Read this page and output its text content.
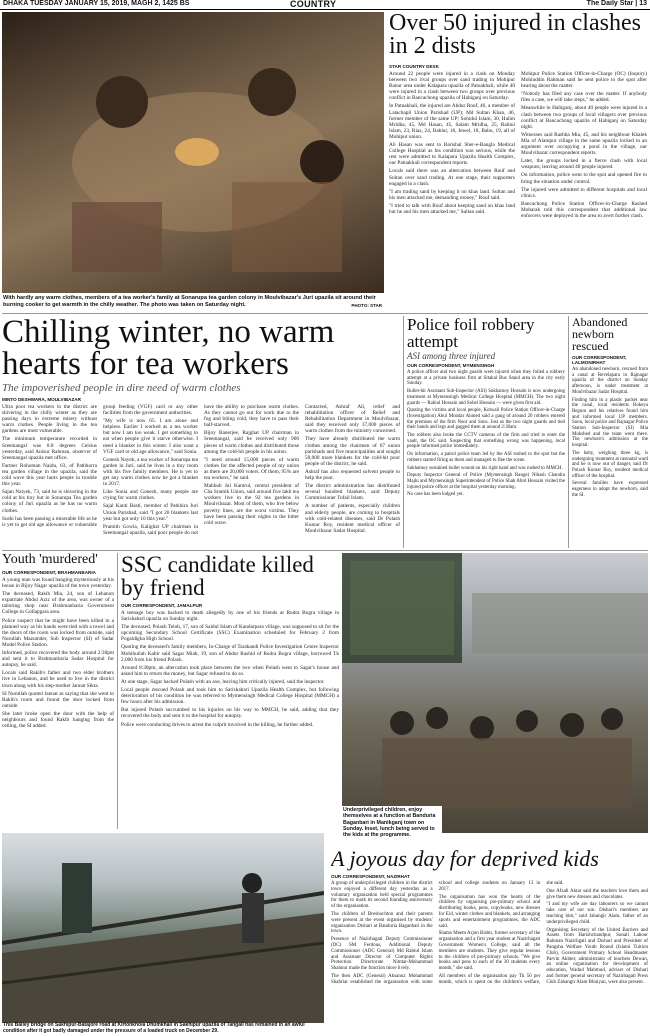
DHAKA TUESDAY JANUARY 15, 2019, MAGH 2, 1425 BS	COUNTRY	The Daily Star | 13
With hardly any warm clothes, members of a tea worker's family at Sonarupa tea garden colony in Moulvibazar's Juri upazila sit around their burning cooker to get warmth in the chilly weather. The photo was taken on Saturday night.	PHOTO: STAR
Over 50 injured in clashes in 2 dists
STAR COUNTRY DESK

Around 22 people were injured in a clash on Monday between two rival groups over sand trading in Mohipur Banur area under Kalapara upazila of Patuakhali, while 40 were injured in a clash between two groups over previous conflict in Bancachong upazila of Habiganj on Saturday.

In Patuakhali, the injured are Abdur Rouf, 46, a member of Latachapli Union Parishad (UP); Md Sultan Khan, 46, former member of the same UP; Sohidul Islam, 30, Halim Mridha, 45, Md Hasan, 45, Salam Mridha, 25, Rabiul Islam, 23, Riaz, 24, Bablur, 18, Jewel, 18, Babu, 19, all of Mohipur union.

Ali Hasan was sent to Barishal Sher-e-Bangla Medical College Hospital as his condition was serious, while the rest were admitted to Kalapara Upazila Health Complex, our Patuakhali correspondent reports.

Locals said there was an altercation between Rouf and Sultan over sand trading. At one stage, their supporters engaged in a clash.

"I am trading sand by keeping it on khas land. Sultan and his men attacked me, demanding money," Rouf said.

"I tried to talk with Rouf about keeping sand on khas land but he and his men attacked me," Sultan said.

Mohipur Police Station Officer-in-Charge (OC) (Inquiry) Mohiuddin Rahman said he sent police to the spot after hearing about the matter.

"Nobody has filed any case over the matter. If anybody files a case, we will take steps," he added.

Meanwhile in Habiganj, about 40 people were injured in a clash between two groups of local villagers over previous conflict at Bancachong upazila of Habiganj on Saturday night.

Witnesses said Rashba Mia, 45, and his neighbour Khalek Mia of Alampur village in the same upazila locked in an argument over occupying a pond in the village, our Moulvibazar correspondent reports.

Later, the groups locked in a fierce clash with local weapons, leaving around 40 people injured.

On information, police went to the spot and opened fire to bring the situation under control.

The injured were admitted to different hospitals and local clinics.

Bancachong Police Station Officer-in-Charge Rashed Mobarak told this correspondent that additional law enforcers were deployed in the area to avert further clash.

Chilling winter, no warm hearts for tea workers
The impoverished people in dire need of warm clothes
MINTO DESHWARA, MOULVIBAZAR

Ultra poor tea workers in the district are shivering in the chilly winter as they are passing days in extreme misery without warm clothes. People living in the tea gardens are most vulnerable.

The minimum temperature recorded in Sreemangal was 8.8 degrees Celsius yesterday, said Anisur Rahman, observer of Sreemangal upazila met office.

Farmer Rohoman Naidu, 63, of Pathhorra tea garden village in the upazila, said the cold wave this year hurts people in trouble this year.

Sajan Naiyek, 73, said he is shivering in the cold at his tiny hut in Sonarupa Tea garden colony of Juri upazila as he has no warm clothes.

Sushi has been passing a miserable life as he is yet to get old age allowance or vulnerable group feeding (VGF) card or any other facilities from the government authorities.

"My wife is now 65. I am alone and helpless. Earlier I worked as a tea worker but now I am too weak. I get something to eat when people give it starve otherwise. I need a blanket in this winter. I also want a VGF card or old age allowance," said Sonia.

Gonesh Nayek, a tea worker of Sonarupa tea garden in Juri, said he lives in a tiny room with his five family members. He is yet to get any warm clothes now he got a blanket in 2017.

Like Sonia and Gonesh, many people are crying for warm clothes.

Sajal Kanti Basti, member of Patkhira Juri Union Parishad, said "I got 20 blankets last year but got only 10 this year."

Pramith Gowla, Kalighat UP chairman in Sreemangal upazila, said poor people do not have the ability to purchase warm clothes. As they cannot go out for work due to the fog and biting cold, they have to pass their half-starved.

Bijoy Banerjee, Rajghat UP chairman in Sreemangal, said he received only 900 pieces of warm clothes and distributed those among the cold-hit people in his union.

"I need around 15,000 pieces of warm clothes for the affected people of my union as there are 20,000 voters. Of them, 95% are tea workers," he said.

Mahbub Jul Kamrul, central president of Cha Sramik Union, said around five lakh tea workers live in the 92 tea gardens in Moulvibazar. Most of them, who live below poverty lines, are the worst victims. They have been passing their nights in the bitter cold wave.

Contacted, Ashraf Ali, relief and rehabilitation officer of Relief and Rehabilitation Department in Moulvibazar, said they received only 37,000 pieces of warm clothes from the ministry concerned.

They have already distributed the warm clothes among the chairmen of 67 union parishads and five municipalities and sought 50,000 more blankets for the cold-hit poor people of the district, he said.

Ashraf has also requested solvent people to help the poor.

The district administration has distributed several hundred blankets, said Deputy Commissioner Tofail Islam.

A number of patients, especially children and elderly people, are coming to hospitals with cold-related diseases, said Dr Polash Kumar Roy, resident medical officer of Moulvibazar Sadar Hospital.

Police foil robbery attempt
ASI among three injured
OUR CORRESPONDENT, MYMENSINGH

A police officer and two night guards were injured when they foiled a robbery attempt at a private business firm at Sitakal Bus Stand area in the city early Sunday.

Bullet-hit Assistant Sub-Inspector (ASI) Sukhamoy Hossain is now undergoing treatment at Mymensingh Medical College Hospital (MMCH). The two night guards — Rabiul Hossain and Sohel Hossain — were given first aid.

Quoting the victims and local people, Kotwali Police Station Officer-in-Charge (Investigation) Abul Mondar Ahmed said a gang of around 20 robbers entered the premises of the firm Noor and Sons. Just as the two night guards and tied their hands and legs and gagged them at around 2:30am.

The robbers also broke the CCTV cameras of the firm and tried to enter the vault, the OC said. Suspecting that something wrong was happening, local people informed police immediately.

On information, a patrol police team led by the ASI rushed to the spot but the robbers started firing as them and managed to flee the scene.

Sukhamoy sustained bullet wound on his right hand and was rushed to MMCH.

Deputy Inspector General of Police (Mymensingh Range) Nibash Chandra Majhi and Mymensingh Superintendent of Police Shah Abid Hossain visited the injured police officer at the hospital yesterday morning.

No case has been lodged yet.

Abandoned newborn rescued
OUR CORRESPONDENT, LALMONIRHAT

An abandoned newborn, rescued from a canal at Revelapara in Rajnagar upazila of the district on Sunday afternoon, is under treatment at Moulvibazar Sadar Hospital.

Finding him in a plastic packet near the canal, local residents Rokeya Begum and his relatives found him and informed local UP members. Soon, local police and Rajnagar Police Station Sub-Inspector (SI) Mia Mokshed and the team went there. The newborn's admission at the hospital.

The baby, weighing three kg, is undergoing treatment at neonatal ward and he is now out of danger, said Dr Polash Kumar Roy, resident medical officer of the hospital.

Several families have expressed eagerness to adopt the newborn, said the SI.

Youth 'murdered'
OUR CORRESPONDENT, BRAHMANBARIA

A young man was found hanging mysteriously at his house in Bijoy Nagar upazila of the town yesterday.

The deceased, Rakib Mia, 24, son of Lehanon expatriate Abdul Aziz of the area, was owner of a tailoring shop near Brahmanbaria Government College in Gollapgara area.

Police suspect that he might have been killed in a planned way as his hands were tied with a towel and the doors of the room was locked from outside, said Nurullah Mazumder, Sub Inspector (SI) of Sadar Model Police Station.

Informed, police recovered the body around 2:30pm and sent it to Brahmanbaria Sadar Hospital for autopsy, he said.

Locals said Rakib's father and two elder brothers live in Lebanon, and he used to live in the district town along with his step-mother Jannat Sikta.

SI Nurullah quoted Jannat as saying that she went to Rakib's room and found the door locked from outside.

She later broke open the door with the help of neighbours and found Rakib hanging from the ceiling, the SI added.

SSC candidate killed by friend
OUR CORRESPONDENT, JAMALPUR

A teenage boy was hacked to death allegedly by one of his friends at Rudra Bogra village in Sarishabari upazila on Sunday night.

The deceased, Polash Telob, 17, son of Saidul Islam of Kandarpara village, was supposed to sit for the upcoming Secondary School Certificate (SSC) Examination scheduled for February 2 from Pogaldigha High School.

Quoting the deceased's family members, In-Charge of Tarakandi Police Investigation Centre Inspector Mohibullah Kabir said Sagar Miah, 19, son of Abdur Rashid of Rudra Bogra village, borrowed Tk 2,000 from his friend Polash.

Around 8:30pm, an altercation took place between the two when Polash went to Sagar's house and asked him to return the money, but Sagar refused to do so.

At one stage, Sagar hacked Polash with an axe, leaving him critically injured, said the inspector.

Local people rescued Polash and took him to Sarishabari Upazila Health Complex, but following deterioration of his condition he was referred to Mymensingh Medical College Hospital (MMCH) a few hours after his admission.

But injured Polash succumbed to his injuries on his way to MMCH, he said, adding that they recovered the body and sent it to the hospital for autopsy.

Police were conducting drives to arrest the culprit involved in the killing, he further added.

Underprivileged children, enjoy themselves at a function at Banduria Baganbari in Manikganj town on Sunday. Inset, lunch being served to the kids at the programme.
This Bailey bridge on Sakhipur-Batajore road at Kirtonkhola Dhumkhali in Sakhipur upazila of Tangail has remained in an awful condition after it got badly damaged under the pressure of a loaded truck on December 29.
A joyous day for deprived kids
OUR CORRESPONDENT, NAZIRHAT

A group of underprivileged children in the district town enjoyed a different day yesterday as a voluntary organisation held special programmes for them to mark its second founding anniversary of the organisation.

The children of Breshochton and their parents were present at the event organised by students' organisation Dishari at Banduria Baganbari in the town.

Presence of Nazirhagati Deputy Commissioner (DC) SM Ferdous, Additional Deputy Commissioner (ADC General) Md Rabiul Islam and Assistant Director of Computer Rights Protection Directorate Nimtar-Mohammad Shahnur made the function more lively.

The then ADC (General) Aksanuz Mohammad Shahriar established the organisation with some school and college students on January 13 in 2017.

The organisation has won the hearts of the children by organising pre-primary school and distributing books, pens, copybooks, new dresses for Eid, winter clothes and blankets, and arranging sports and entertainment programmes, the ADC said.

Shams Meem Arjun Bisbir, former secretary of the organisation and a first year student at Nazirhagati Government Women's College, said all the members are students. They give regular lessons to the children of pre-primary schools. "We give books and pens to each of the 30 students every month," she said.

All members of the organisation pay Tk 50 per month, which is spent on the children's welfare, she said.

One Afzali Aktar said the teachers love them and give them new dresses and chocolates.

"I and my wife are day labourers so we cannot take care of our son. Dishari's members are teaching him," said Jahangir Alam, father of an underprivileged child.

Organising Secretary of the United Barriers and Assets from Harishchandpur, Sonali Labour Rahman Nazirhgati and Dishari and President of Pangsha Welfare Youth Round (Islami Tuition Club), Government Primary School Headmaster Parvin Akhter, administrator of teachers Dewan, an online organisation for development of education, Wadud Mahmud, adviser of Dishari and former general secretary of Nazirhagati Press Club Zahangir Alam Bhuiyan, were also present.
